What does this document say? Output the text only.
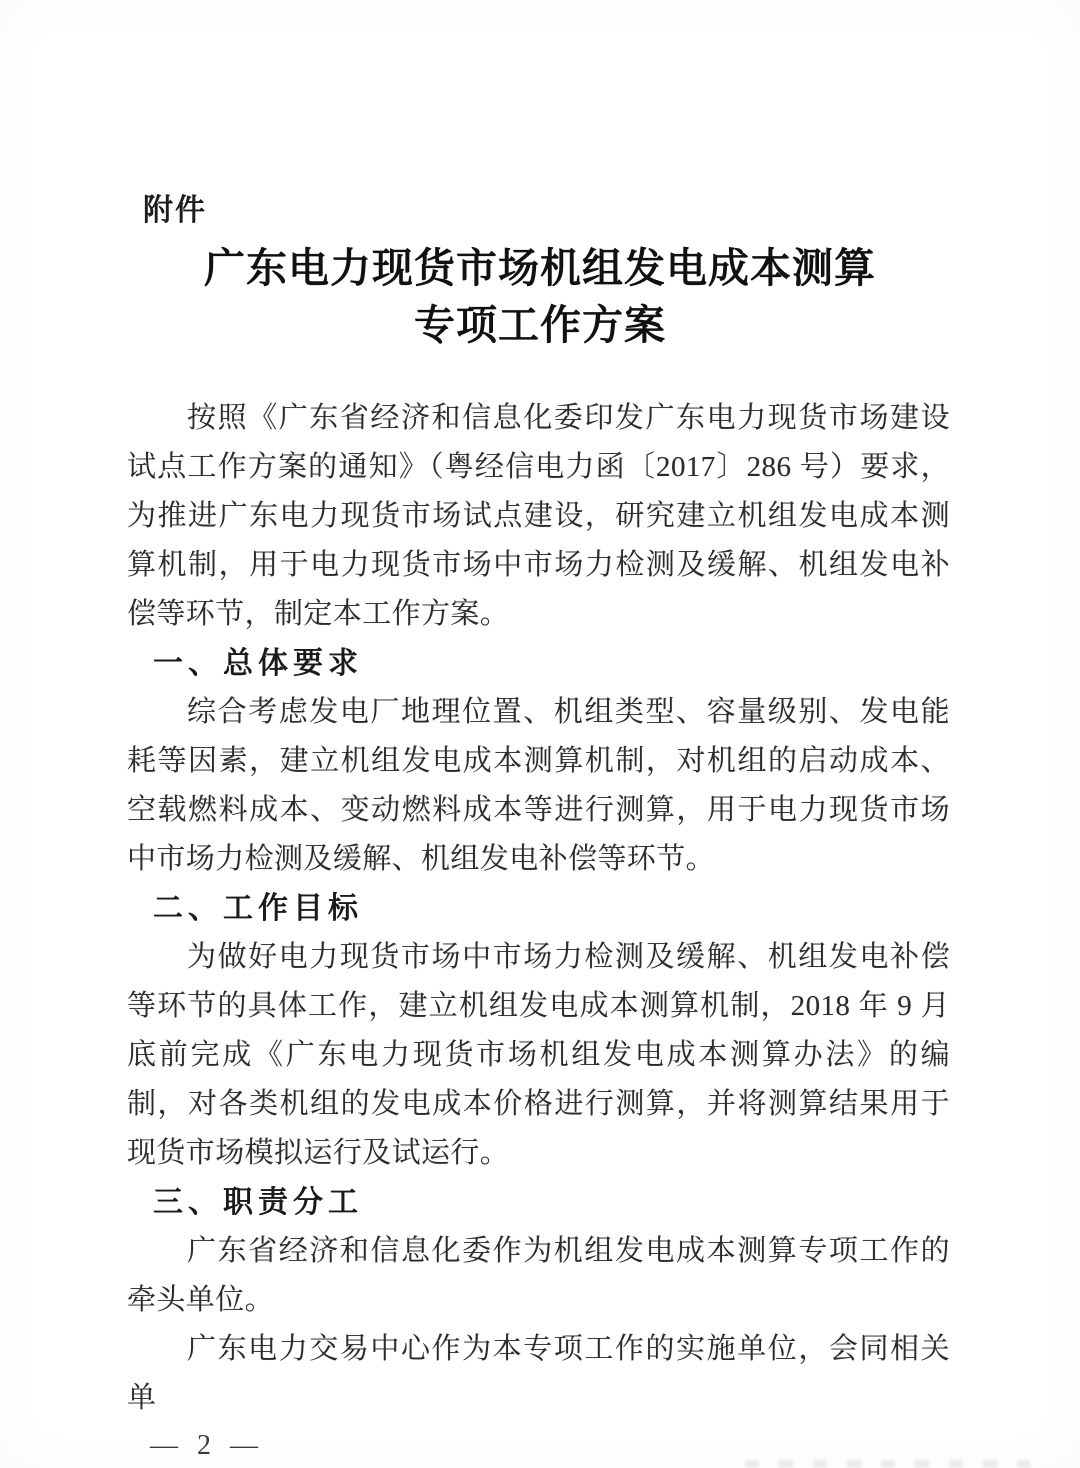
附件
广东电力现货市场机组发电成本测算
专项工作方案

按照《广东省经济和信息化委印发广东电力现货市场建设试点工作方案的通知》（粤经信电力函〔2017〕286 号）要求，为推进广东电力现货市场试点建设，研究建立机组发电成本测算机制，用于电力现货市场中市场力检测及缓解、机组发电补偿等环节，制定本工作方案。

一、总体要求

综合考虑发电厂地理位置、机组类型、容量级别、发电能耗等因素，建立机组发电成本测算机制，对机组的启动成本、空载燃料成本、变动燃料成本等进行测算，用于电力现货市场中市场力检测及缓解、机组发电补偿等环节。

二、工作目标

为做好电力现货市场中市场力检测及缓解、机组发电补偿等环节的具体工作，建立机组发电成本测算机制，2018 年 9 月底前完成《广东电力现货市场机组发电成本测算办法》的编制，对各类机组的发电成本价格进行测算，并将测算结果用于现货市场模拟运行及试运行。

三、职责分工

广东省经济和信息化委作为机组发电成本测算专项工作的牵头单位。

广东电力交易中心作为本专项工作的实施单位，会同相关单

— 2 —
